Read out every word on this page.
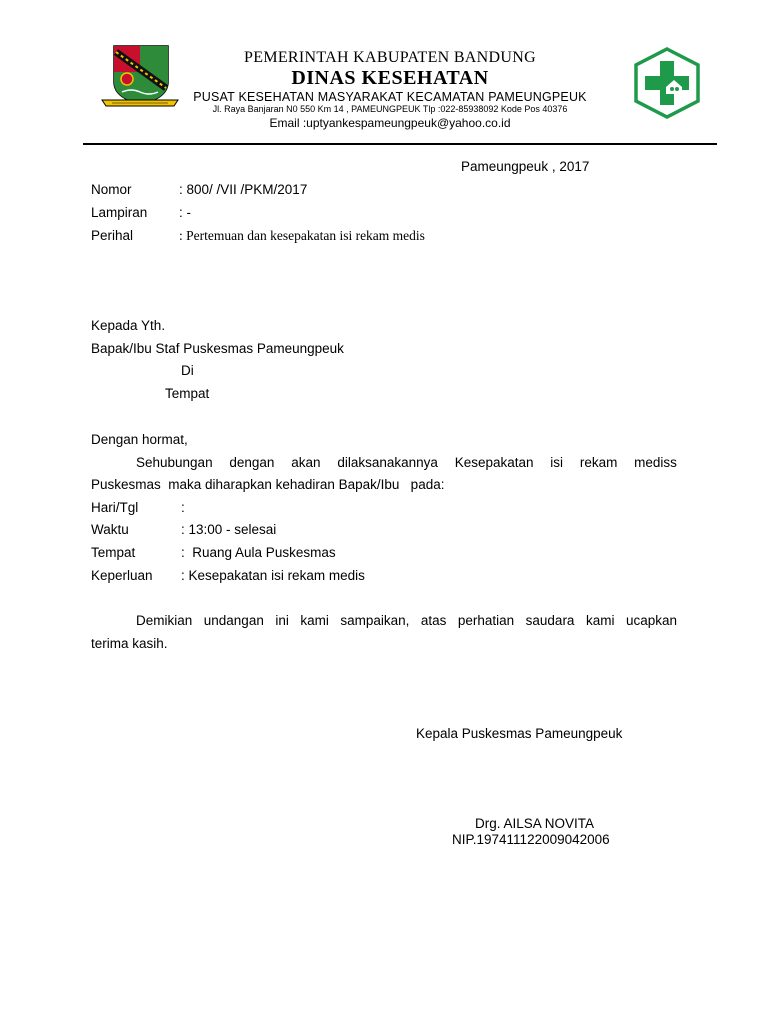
PEMERINTAH KABUPATEN BANDUNG
DINAS KESEHATAN
PUSAT KESEHATAN MASYARAKAT KECAMATAN PAMEUNGPEUK
Jl. Raya Banjaran N0 550 Km 14 , PAMEUNGPEUK Tlp :022-85938092 Kode Pos 40376
Email :uptyankespameungpeuk@yahoo.co.id
Pameungpeuk , 2017
Nomor	: 800/ /VII /PKM/2017
Lampiran : -
Perihal	: Pertemuan dan kesepakatan isi rekam medis
Kepada Yth.
Bapak/Ibu Staf Puskesmas Pameungpeuk
Di
Tempat
Dengan hormat,
Sehubungan dengan akan dilaksanakannya Kesepakatan isi rekam mediss
Puskesmas  maka diharapkan kehadiran Bapak/Ibu   pada:
Hari/Tgl	:
Waktu	: 13:00 - selesai
Tempat	:  Ruang Aula Puskesmas
Keperluan : Kesepakatan isi rekam medis
Demikian undangan ini kami sampaikan, atas perhatian saudara kami ucapkan
terima kasih.
Kepala Puskesmas Pameungpeuk
Drg. AILSA NOVITA
NIP.197411122009042006
